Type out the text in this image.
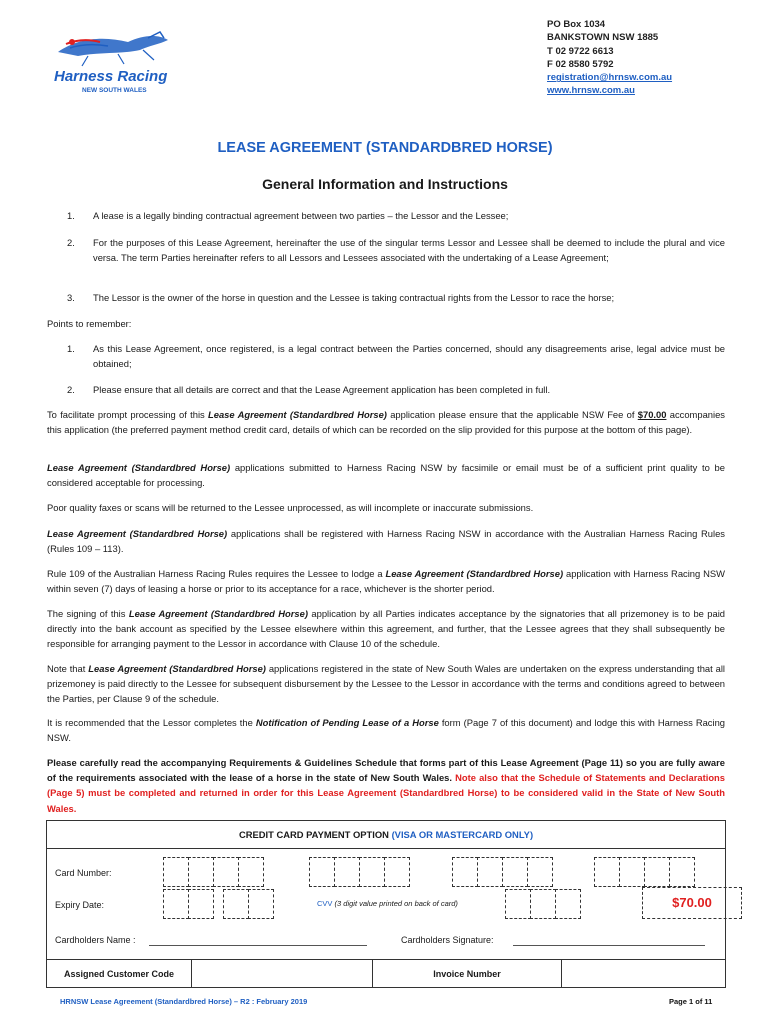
Harness Racing
NEW SOUTH WALES
PO Box 1034
BANKSTOWN NSW 1885
T 02 9722 6613
F 02 8580 5792
registration@hrnsw.com.au
www.hrnsw.com.au
LEASE AGREEMENT (STANDARDBRED HORSE)
General Information and Instructions
1. A lease is a legally binding contractual agreement between two parties – the Lessor and the Lessee;
2. For the purposes of this Lease Agreement, hereinafter the use of the singular terms Lessor and Lessee shall be deemed to include the plural and vice versa. The term Parties hereinafter refers to all Lessors and Lessees associated with the undertaking of a Lease Agreement;
3. The Lessor is the owner of the horse in question and the Lessee is taking contractual rights from the Lessor to race the horse;
Points to remember:
1. As this Lease Agreement, once registered, is a legal contract between the Parties concerned, should any disagreements arise, legal advice must be obtained;
2. Please ensure that all details are correct and that the Lease Agreement application has been completed in full.
To facilitate prompt processing of this Lease Agreement (Standardbred Horse) application please ensure that the applicable NSW Fee of $70.00 accompanies this application (the preferred payment method credit card, details of which can be recorded on the slip provided for this purpose at the bottom of this page).
Lease Agreement (Standardbred Horse) applications submitted to Harness Racing NSW by facsimile or email must be of a sufficient print quality to be considered acceptable for processing.
Poor quality faxes or scans will be returned to the Lessee unprocessed, as will incomplete or inaccurate submissions.
Lease Agreement (Standardbred Horse) applications shall be registered with Harness Racing NSW in accordance with the Australian Harness Racing Rules (Rules 109 – 113).
Rule 109 of the Australian Harness Racing Rules requires the Lessee to lodge a Lease Agreement (Standardbred Horse) application with Harness Racing NSW within seven (7) days of leasing a horse or prior to its acceptance for a race, whichever is the shorter period.
The signing of this Lease Agreement (Standardbred Horse) application by all Parties indicates acceptance by the signatories that all prizemoney is to be paid directly into the bank account as specified by the Lessee elsewhere within this agreement, and further, that the Lessee agrees that they shall subsequently be responsible for arranging payment to the Lessor in accordance with Clause 10 of the schedule.
Note that Lease Agreement (Standardbred Horse) applications registered in the state of New South Wales are undertaken on the express understanding that all prizemoney is paid directly to the Lessee for subsequent disbursement by the Lessee to the Lessor in accordance with the terms and conditions agreed to between the Parties, per Clause 9 of the schedule.
It is recommended that the Lessor completes the Notification of Pending Lease of a Horse form (Page 7 of this document) and lodge this with Harness Racing NSW.
Please carefully read the accompanying Requirements & Guidelines Schedule that forms part of this Lease Agreement (Page 11) so you are fully aware of the requirements associated with the lease of a horse in the state of New South Wales. Note also that the Schedule of Statements and Declarations (Page 5) must be completed and returned in order for this Lease Agreement (Standardbred Horse) to be considered valid in the State of New South Wales.
CREDIT CARD PAYMENT OPTION (VISA OR MASTERCARD ONLY)
Card Number:
Expiry Date:	CVV (3 digit value printed on back of card)	$70.00
Cardholders Name :	Cardholders Signature:
Assigned Customer Code	Invoice Number
HRNSW Lease Agreement (Standardbred Horse) – R2 : February 2019	Page 1 of 11
